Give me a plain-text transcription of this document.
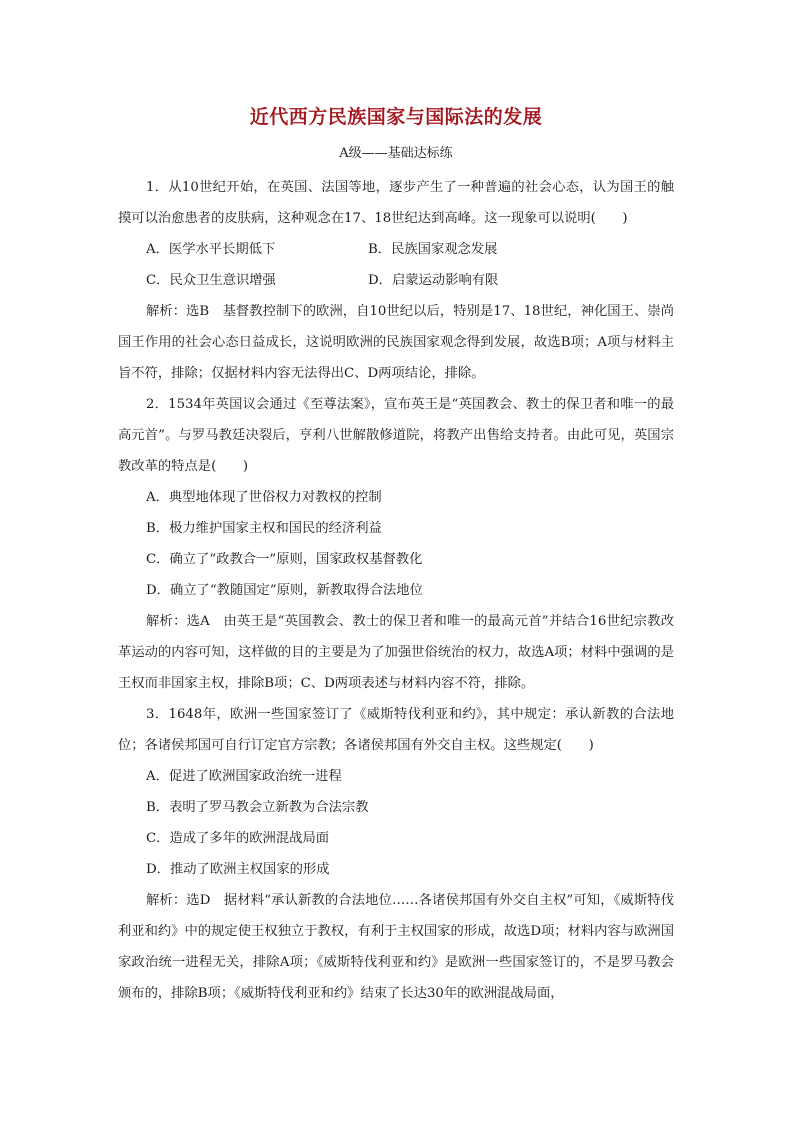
近代西方民族国家与国际法的发展
A级——基础达标练

1．从10世纪开始，在英国、法国等地，逐步产生了一种普遍的社会心态，认为国王的触摸可以治愈患者的皮肤病，这种观念在17、18世纪达到高峰。这一现象可以说明(　　)

A．医学水平长期低下	B．民族国家观念发展
C．民众卫生意识增强	D．启蒙运动影响有限

解析：选B　基督教控制下的欧洲，自10世纪以后，特别是17、18世纪，神化国王、崇尚国王作用的社会心态日益成长，这说明欧洲的民族国家观念得到发展，故选B项；A项与材料主旨不符，排除；仅据材料内容无法得出C、D两项结论，排除。

2．1534年英国议会通过《至尊法案》，宣布英王是“英国教会、教士的保卫者和唯一的最高元首”。与罗马教廷决裂后，亨利八世解散修道院，将教产出售给支持者。由此可见，英国宗教改革的特点是(　　)

A．典型地体现了世俗权力对教权的控制

B．极力维护国家主权和国民的经济利益

C．确立了“政教合一”原则，国家政权基督教化

D．确立了“教随国定”原则，新教取得合法地位

解析：选A　由英王是“英国教会、教士的保卫者和唯一的最高元首”并结合16世纪宗教改革运动的内容可知，这样做的目的主要是为了加强世俗统治的权力，故选A项；材料中强调的是王权而非国家主权，排除B项；C、D两项表述与材料内容不符，排除。

3．1648年，欧洲一些国家签订了《威斯特伐利亚和约》，其中规定：承认新教的合法地位；各诸侯邦国可自行订定官方宗教；各诸侯邦国有外交自主权。这些规定(　　)

A．促进了欧洲国家政治统一进程

B．表明了罗马教会立新教为合法宗教

C．造成了多年的欧洲混战局面

D．推动了欧洲主权国家的形成

解析：选D　据材料“承认新教的合法地位……各诸侯邦国有外交自主权”可知，《威斯特伐利亚和约》中的规定使王权独立于教权，有利于主权国家的形成，故选D项；材料内容与欧洲国家政治统一进程无关，排除A项；《威斯特伐利亚和约》是欧洲一些国家签订的，不是罗马教会颁布的，排除B项；《威斯特伐利亚和约》结束了长达30年的欧洲混战局面，
